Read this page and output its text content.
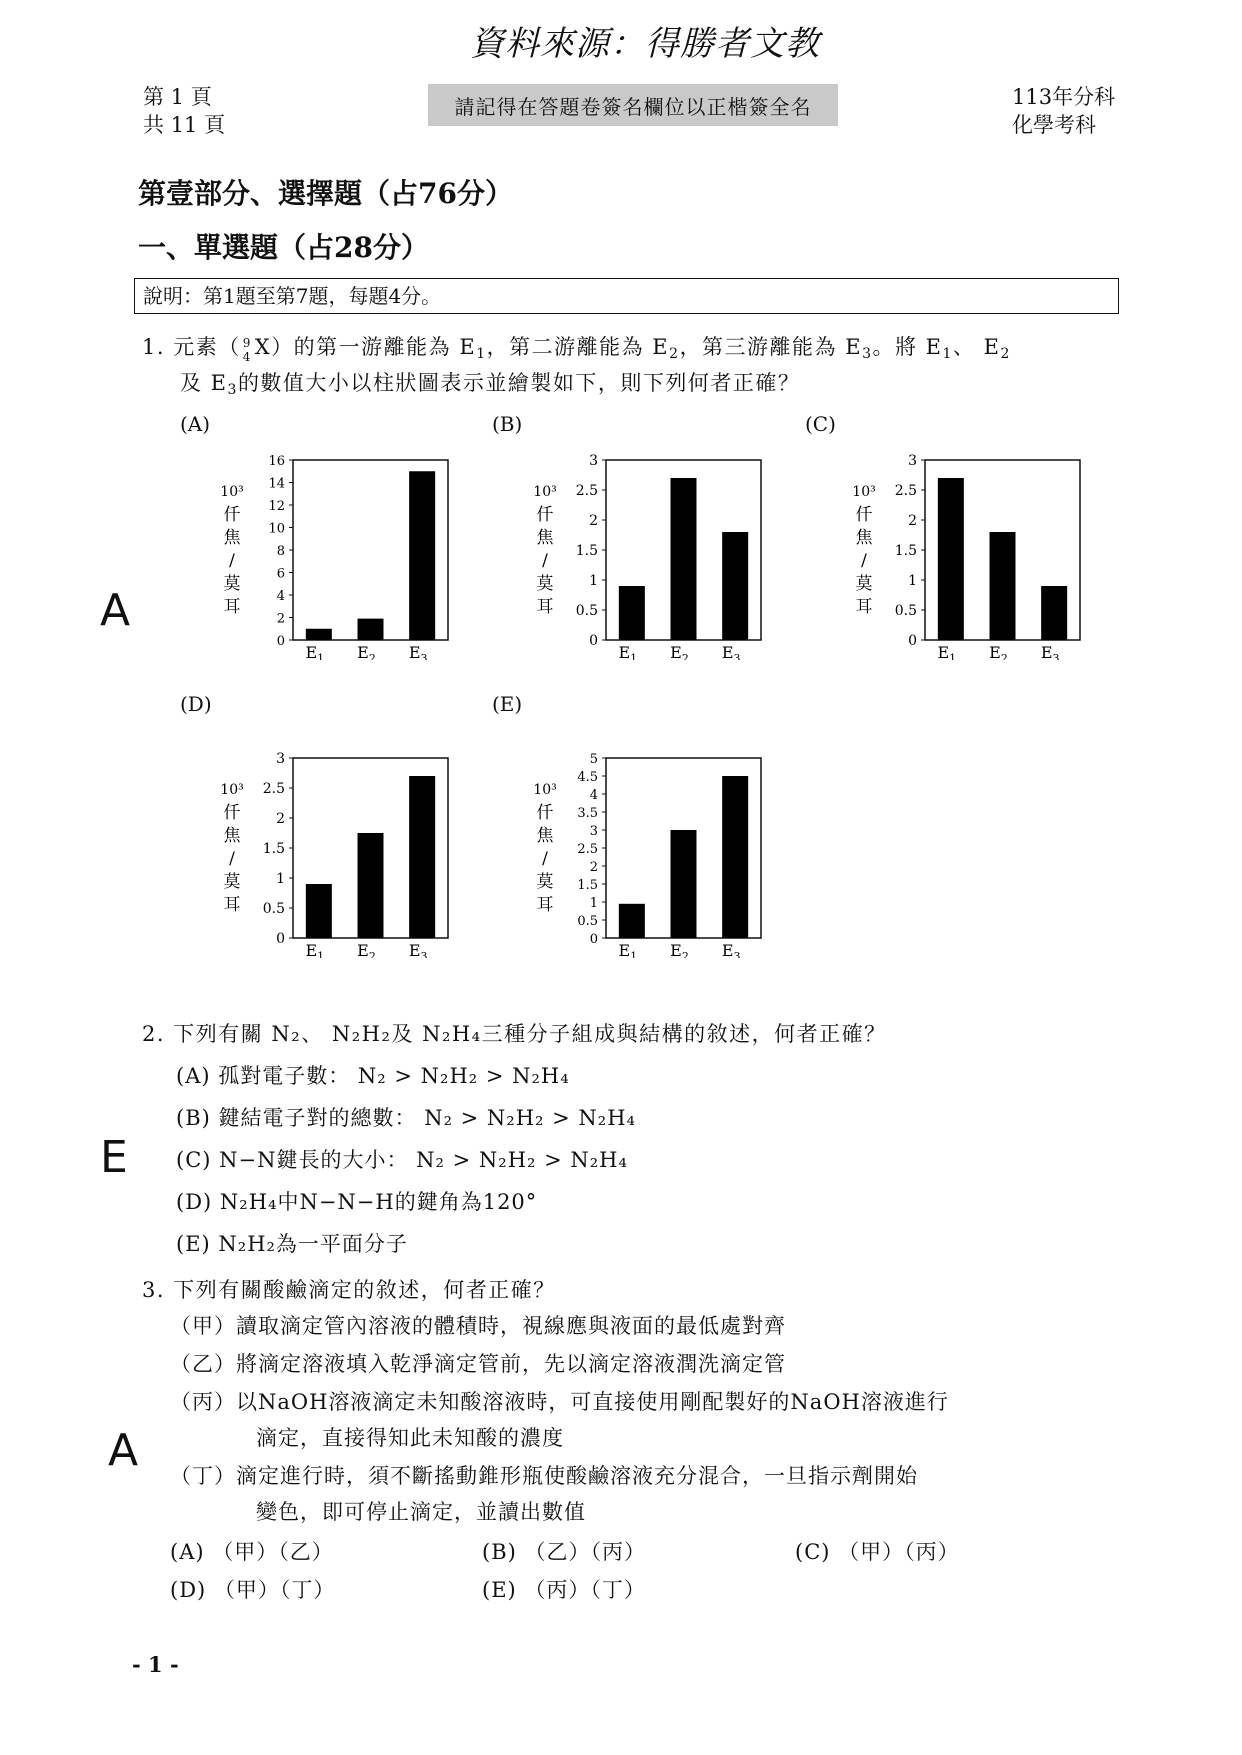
資料來源：得勝者文教
第 1 頁
共 11 頁
請記得在答題卷簽名欄位以正楷簽全名	113年分科
化學考科
第壹部分、選擇題（占76分）
一、單選題（占28分）
說明：第1題至第7題，每題4分。
1. 元素（ 9
4 X）的第一游離能為 $E_1$，第二游離能為 $E_2$，第三游離能為 $E_3$。將 $E_1$、 $E_2$
及 $E_3$的數值大小以柱狀圖表示並繪製如下，則下列何者正確？
(A)	(B)	(C)
(D)	(E)
0
2
4
6
8
10
12
14
16
10³
仟
焦
/
莫
耳
$E_1$ $E_2$ $E_3$
0
0.5
1
1.5
2
2.5
3
10³
仟
焦
/
莫
耳
$E_1$ $E_2$ $E_3$
0
0.5
1
1.5
2
2.5
3
10³
仟
焦
/
莫
耳
$E_1$ $E_2$ $E_3$
0
0.5
1
1.5
2
2.5
3
10³
仟
焦
/
莫
耳
$E_1$ $E_2$ $E_3$
0
0.5
1
1.5
2
2.5
3
3.5
4
4.5
5
10³
仟
焦
/
莫
耳
$E_1$ $E_2$ $E_3$
A
2. 下列有關 N₂、 N₂H₂及 N₂H₄三種分子組成與結構的敘述，何者正確？
(A) 孤對電子數： N₂ > N₂H₂ > N₂H₄
(B) 鍵結電子對的總數： N₂ > N₂H₂ > N₂H₄
(C) N−N鍵長的大小： N₂ > N₂H₂ > N₂H₄
(D) N₂H₄中N−N−H的鍵角為120°
(E) N₂H₂為一平面分子
E
3. 下列有關酸鹼滴定的敘述，何者正確？
（甲）讀取滴定管內溶液的體積時，視線應與液面的最低處對齊
（乙）將滴定溶液填入乾淨滴定管前，先以滴定溶液潤洗滴定管
（丙）以NaOH溶液滴定未知酸溶液時，可直接使用剛配製好的NaOH溶液進行
滴定，直接得知此未知酸的濃度
（丁）滴定進行時，須不斷搖動錐形瓶使酸鹼溶液充分混合，一旦指示劑開始
變色，即可停止滴定，並讀出數值
(A) （甲）（乙）	(B) （乙）（丙）	(C) （甲）（丙）
(D) （甲）（丁）	(E) （丙）（丁）
A
- 1 -
